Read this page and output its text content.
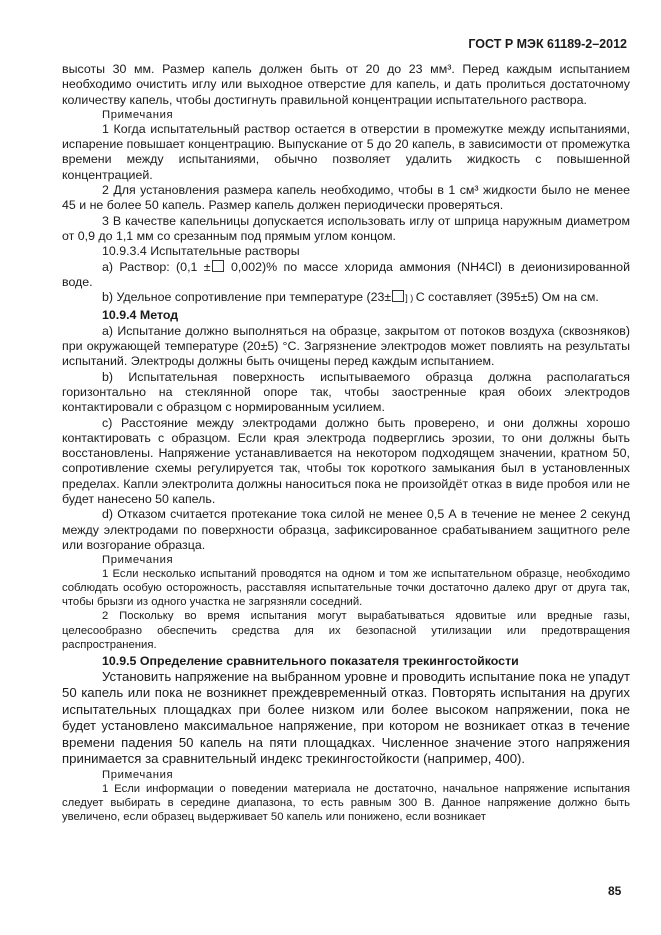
ГОСТ Р МЭК 61189-2–2012

высоты 30 мм. Размер капель должен быть от 20 до 23 мм³. Перед каждым испытанием необходимо очистить иглу или выходное отверстие для капель, и дать пролиться достаточному количеству капель, чтобы достигнуть правильной концентрации испытательного раствора.

Примечания

1 Когда испытательный раствор остается в отверстии в промежутке между испытаниями, испарение повышает концентрацию. Выпускание от 5 до 20 капель, в зависимости от промежутка времени между испытаниями, обычно позволяет удалить жидкость с повышенной концентрацией.

2 Для установления размера капель необходимо, чтобы в 1 см³ жидкости было не менее 45 и не более 50 капель. Размер капель должен периодически проверяться.

3 В качестве капельницы допускается использовать иглу от шприца наружным диаметром от 0,9 до 1,1 мм со срезанным под прямым углом концом.

10.9.3.4 Испытательные растворы

a) Раствор: (0,1 ± 0,002)% по массе хлорида аммония (NH4Cl) в деионизированной воде.

b) Удельное сопротивление при температуре (23± ] ) С составляет (395±5) Ом на см.

10.9.4 Метод

a) Испытание должно выполняться на образце, закрытом от потоков воздуха (сквозняков) при окружающей температуре (20±5) °С. Загрязнение электродов может повлиять на результаты испытаний. Электроды должны быть очищены перед каждым испытанием.

b) Испытательная поверхность испытываемого образца должна располагаться горизонтально на стеклянной опоре так, чтобы заостренные края обоих электродов контактировали с образцом с нормированным усилием.

c) Расстояние между электродами должно быть проверено, и они должны хорошо контактировать с образцом. Если края электрода подверглись эрозии, то они должны быть восстановлены. Напряжение устанавливается на некотором подходящем значении, кратном 50, сопротивление схемы регулируется так, чтобы ток короткого замыкания был в установленных пределах. Капли электролита должны наноситься пока не произойдёт отказ в виде пробоя или не будет нанесено 50 капель.

d) Отказом считается протекание тока силой не менее 0,5 А в течение не менее 2 секунд между электродами по поверхности образца, зафиксированное срабатыванием защитного реле или возгорание образца.

Примечания

1 Если несколько испытаний проводятся на одном и том же испытательном образце, необходимо соблюдать особую осторожность, расставляя испытательные точки достаточно далеко друг от друга так, чтобы брызги из одного участка не загрязняли соседний.

2 Поскольку во время испытания могут вырабатываться ядовитые или вредные газы, целесообразно обеспечить средства для их безопасной утилизации или предотвращения распространения.

10.9.5 Определение сравнительного показателя трекингостойкости

Установить напряжение на выбранном уровне и проводить испытание пока не упадут 50 капель или пока не возникнет преждевременный отказ. Повторять испытания на других испытательных площадках при более низком или более высоком напряжении, пока не будет установлено максимальное напряжение, при котором не возникает отказ в течение времени падения 50 капель на пяти площадках. Численное значение этого напряжения принимается за сравнительный индекс трекингостойкости (например, 400).

Примечания

1 Если информации о поведении материала не достаточно, начальное напряжение испытания следует выбирать в середине диапазона, то есть равным 300 В. Данное напряжение должно быть увеличено, если образец выдерживает 50 капель или понижено, если возникает

85
